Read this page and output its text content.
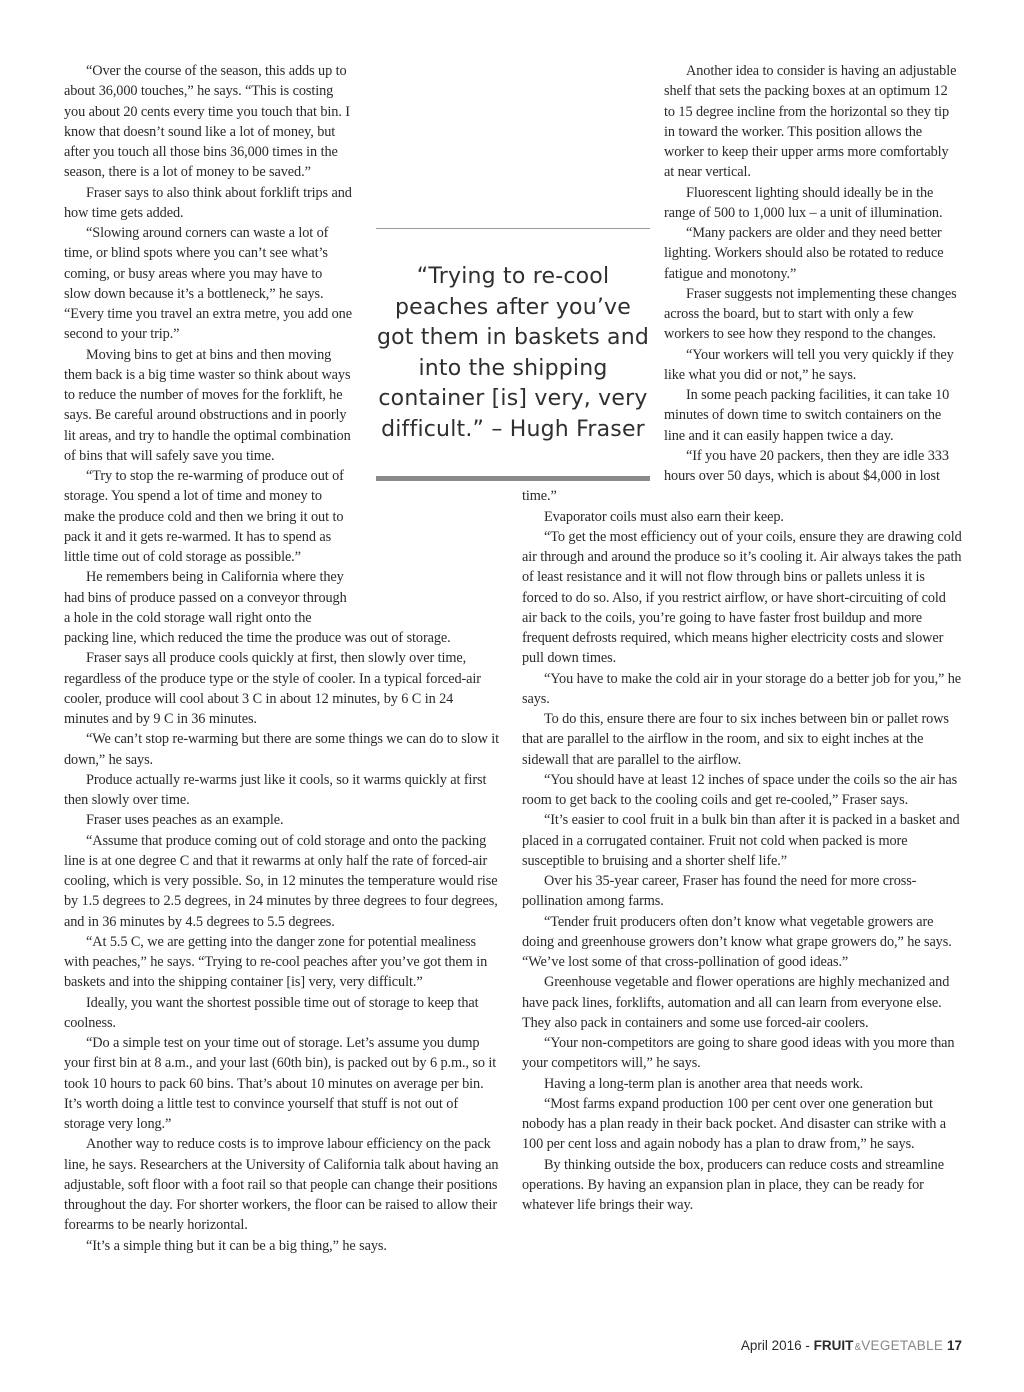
“Over the course of the season, this adds up to about 36,000 touches,” he says. “This is costing you about 20 cents every time you touch that bin. I know that doesn’t sound like a lot of money, but after you touch all those bins 36,000 times in the season, there is a lot of money to be saved.”

Fraser says to also think about forklift trips and how time gets added.

“Slowing around corners can waste a lot of time, or blind spots where you can’t see what’s coming, or busy areas where you may have to slow down because it’s a bottleneck,” he says. “Every time you travel an extra metre, you add one second to your trip.”

Moving bins to get at bins and then moving them back is a big time waster so think about ways to reduce the number of moves for the forklift, he says. Be careful around obstructions and in poorly lit areas, and try to handle the optimal combination of bins that will safely save you time.

“Try to stop the re-warming of produce out of storage. You spend a lot of time and money to make the produce cold and then we bring it out to pack it and it gets re-warmed. It has to spend as little time out of cold storage as possible.”

He remembers being in California where they had bins of produce passed on a conveyor through a hole in the cold storage wall right onto the packing line, which reduced the time the produce was out of storage.

Fraser says all produce cools quickly at first, then slowly over time, regardless of the produce type or the style of cooler. In a typical forced-air cooler, produce will cool about 3 C in about 12 minutes, by 6 C in 24 minutes and by 9 C in 36 minutes.

“We can’t stop re-warming but there are some things we can do to slow it down,” he says.

Produce actually re-warms just like it cools, so it warms quickly at first then slowly over time.

Fraser uses peaches as an example.

“Assume that produce coming out of cold storage and onto the packing line is at one degree C and that it rewarms at only half the rate of forced-air cooling, which is very possible. So, in 12 minutes the temperature would rise by 1.5 degrees to 2.5 degrees, in 24 minutes by three degrees to four degrees, and in 36 minutes by 4.5 degrees to 5.5 degrees.

“At 5.5 C, we are getting into the danger zone for potential mealiness with peaches,” he says. “Trying to re-cool peaches after you’ve got them in baskets and into the shipping container [is] very, very difficult.”

Ideally, you want the shortest possible time out of storage to keep that coolness.

“Do a simple test on your time out of storage. Let’s assume you dump your first bin at 8 a.m., and your last (60th bin), is packed out by 6 p.m., so it took 10 hours to pack 60 bins. That’s about 10 minutes on average per bin. It’s worth doing a little test to convince yourself that stuff is not out of storage very long.”

Another way to reduce costs is to improve labour efficiency on the pack line, he says. Researchers at the University of California talk about having an adjustable, soft floor with a foot rail so that people can change their positions throughout the day. For shorter workers, the floor can be raised to allow their forearms to be nearly horizontal.

“It’s a simple thing but it can be a big thing,” he says.

Another idea to consider is having an adjustable shelf that sets the packing boxes at an optimum 12 to 15 degree incline from the horizontal so they tip in toward the worker. This position allows the worker to keep their upper arms more comfortably at near vertical.

Fluorescent lighting should ideally be in the range of 500 to 1,000 lux – a unit of illumination.

“Many packers are older and they need better lighting. Workers should also be rotated to reduce fatigue and monotony.”

Fraser suggests not implementing these changes across the board, but to start with only a few workers to see how they respond to the changes.

“Your workers will tell you very quickly if they like what you did or not,” he says.

In some peach packing facilities, it can take 10 minutes of down time to switch containers on the line and it can easily happen twice a day.

“If you have 20 packers, then they are idle 333 hours over 50 days, which is about $4,000 in lost time.”

Evaporator coils must also earn their keep.

“To get the most efficiency out of your coils, ensure they are drawing cold air through and around the produce so it’s cooling it. Air always takes the path of least resistance and it will not flow through bins or pallets unless it is forced to do so. Also, if you restrict airflow, or have short-circuiting of cold air back to the coils, you’re going to have faster frost buildup and more frequent defrosts required, which means higher electricity costs and slower pull down times.

“You have to make the cold air in your storage do a better job for you,” he says.

To do this, ensure there are four to six inches between bin or pallet rows that are parallel to the airflow in the room, and six to eight inches at the sidewall that are parallel to the airflow.

“You should have at least 12 inches of space under the coils so the air has room to get back to the cooling coils and get re-cooled,” Fraser says.

“It’s easier to cool fruit in a bulk bin than after it is packed in a basket and placed in a corrugated container. Fruit not cold when packed is more susceptible to bruising and a shorter shelf life.”

Over his 35-year career, Fraser has found the need for more cross-pollination among farms.

“Tender fruit producers often don’t know what vegetable growers are doing and greenhouse growers don’t know what grape growers do,” he says. “We’ve lost some of that cross-pollination of good ideas.”

Greenhouse vegetable and flower operations are highly mechanized and have pack lines, forklifts, automation and all can learn from everyone else. They also pack in containers and some use forced-air coolers.

“Your non-competitors are going to share good ideas with you more than your competitors will,” he says.

Having a long-term plan is another area that needs work.

“Most farms expand production 100 per cent over one generation but nobody has a plan ready in their back pocket. And disaster can strike with a 100 per cent loss and again nobody has a plan to draw from,” he says.

By thinking outside the box, producers can reduce costs and streamline operations. By having an expansion plan in place, they can be ready for whatever life brings their way.

“Trying to re-cool peaches after you’ve got them in baskets and into the shipping container [is] very, very difficult.” – Hugh Fraser
April 2016 - FRUIT &VEGETABLE 17
